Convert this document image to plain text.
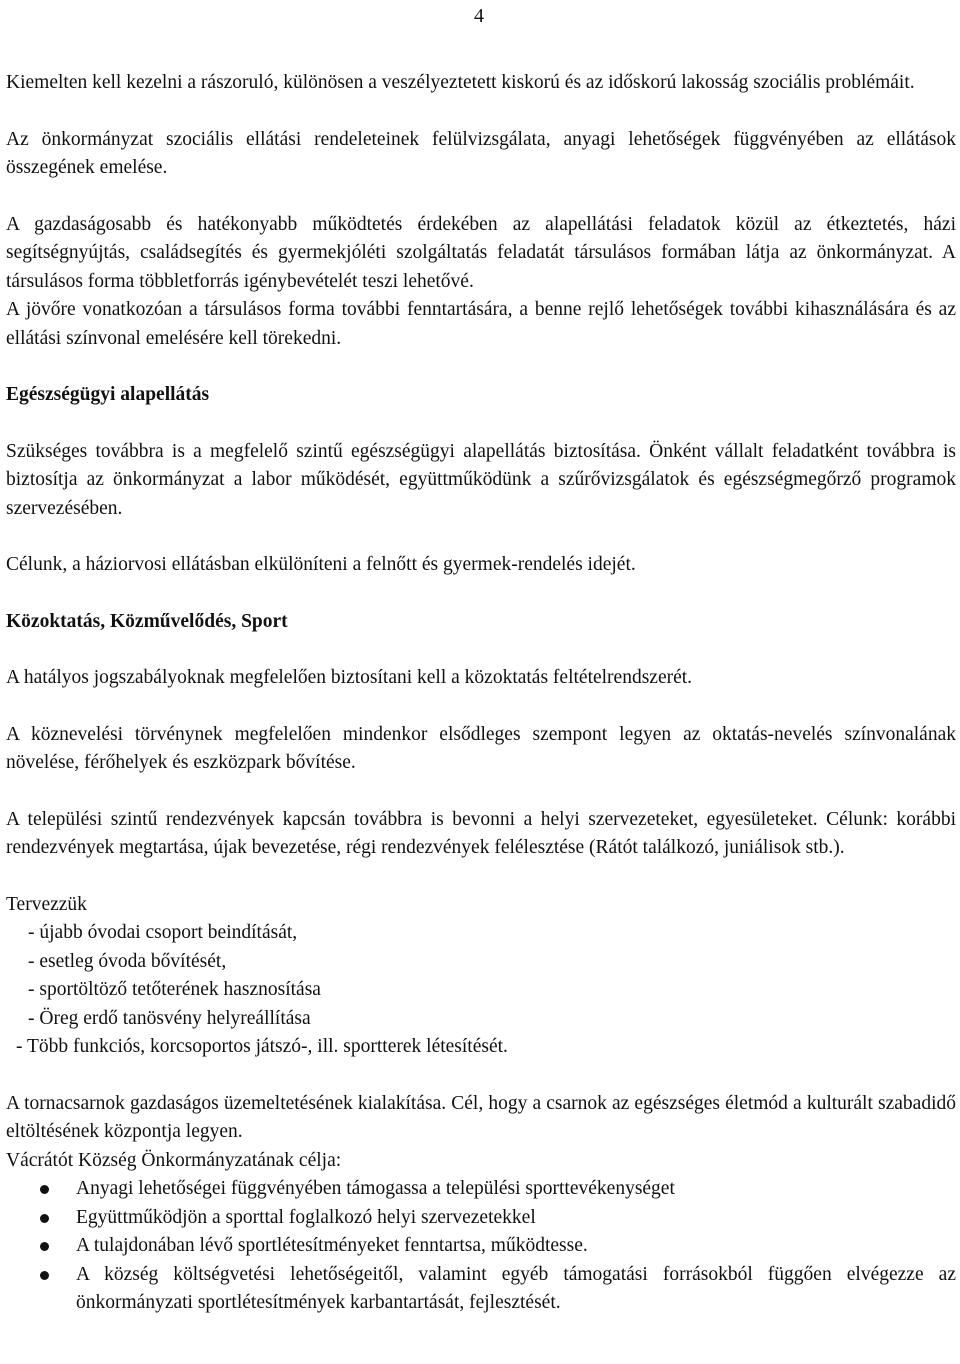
4

Kiemelten kell kezelni a rászoruló, különösen a veszélyeztetett kiskorú és az időskorú lakosság szociális problémáit.

Az önkormányzat szociális ellátási rendeleteinek felülvizsgálata, anyagi lehetőségek függvényében az ellátások összegének emelése.

A gazdaságosabb és hatékonyabb működtetés érdekében az alapellátási feladatok közül az étkeztetés, házi segítségnyújtás, családsegítés és gyermekjóléti szolgáltatás feladatát társulásos formában látja az önkormányzat. A társulásos forma többletforrás igénybevételét teszi lehetővé.

A jövőre vonatkozóan a társulásos forma további fenntartására, a benne rejlő lehetőségek további kihasználására és az ellátási színvonal emelésére kell törekedni.

Egészségügyi alapellátás

Szükséges továbbra is a megfelelő szintű egészségügyi alapellátás biztosítása. Önként vállalt feladatként továbbra is biztosítja az önkormányzat a labor működését, együttműködünk a szűrővizsgálatok és egészségmegőrző programok szervezésében.

Célunk, a háziorvosi ellátásban elkülöníteni a felnőtt és gyermek-rendelés idejét.

Közoktatás, Közművelődés, Sport

A hatályos jogszabályoknak megfelelően biztosítani kell a közoktatás feltételrendszerét.

A köznevelési törvénynek megfelelően mindenkor elsődleges szempont legyen az oktatás-nevelés színvonalának növelése, férőhelyek és eszközpark bővítése.

A települési szintű rendezvények kapcsán továbbra is bevonni a helyi szervezeteket, egyesületeket. Célunk: korábbi rendezvények megtartása, újak bevezetése, régi rendezvények felélesztése (Rátót találkozó, juniálisok stb.).

Tervezzük

- újabb óvodai csoport beindítását,
- esetleg óvoda bővítését,
- sportöltöző tetőterének hasznosítása
- Öreg erdő tanösvény helyreállítása
- Több funkciós, korcsoportos játszó-, ill. sportterek létesítését.

A tornacsarnok gazdaságos üzemeltetésének kialakítása. Cél, hogy a csarnok az egészséges életmód a kulturált szabadidő eltöltésének központja legyen.

Vácrátót Község Önkormányzatának célja:

Anyagi lehetőségei függvényében támogassa a települési sporttevékenységet
Együttműködjön a sporttal foglalkozó helyi szervezetekkel
A tulajdonában lévő sportlétesítményeket fenntartsa, működtesse.
A község költségvetési lehetőségeitől, valamint egyéb támogatási forrásokból függően elvégezze az önkormányzati sportlétesítmények karbantartását, fejlesztését.
